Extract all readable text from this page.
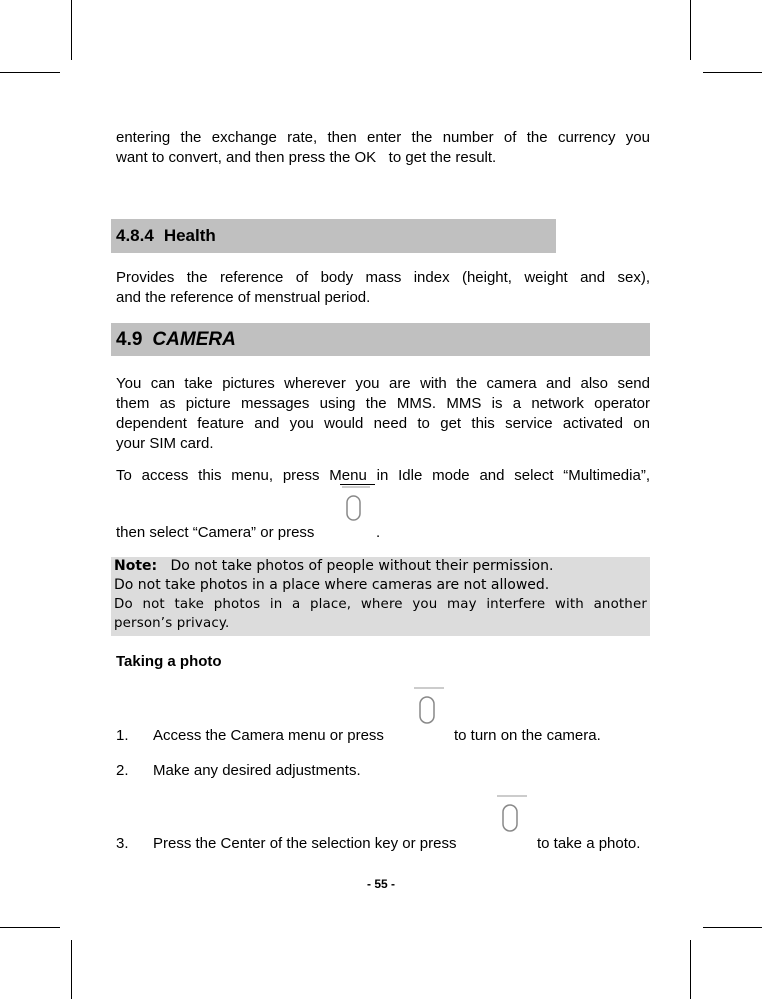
entering the exchange rate, then enter the number of the currency you

want to convert, and then press the OK   to get the result.

4.8.4 Health

Provides  the  reference  of  body  mass  index  (height,  weight  and  sex),

and the reference of menstrual period.

4.9 CAMERA

You can take pictures wherever you are with the camera and also send

them as picture messages using the MMS. MMS is a network operator

dependent feature and you would need to get this service activated on

your SIM card.

To access this menu, press Menu in Idle mode and select “Multimedia”,

then select “Camera” or press	.
Note: Do not take photos of people without their permission.
Do not take photos in a place where cameras are not allowed.
Do  not  take  photos  in  a  place,  where  you  may  interfere  with  another
person’s privacy.
Taking a photo
1. Access the Camera menu or press	to turn on the camera.
2. Make any desired adjustments.
3. Press the Center of the selection key or press	to take a photo.
- 55 -
